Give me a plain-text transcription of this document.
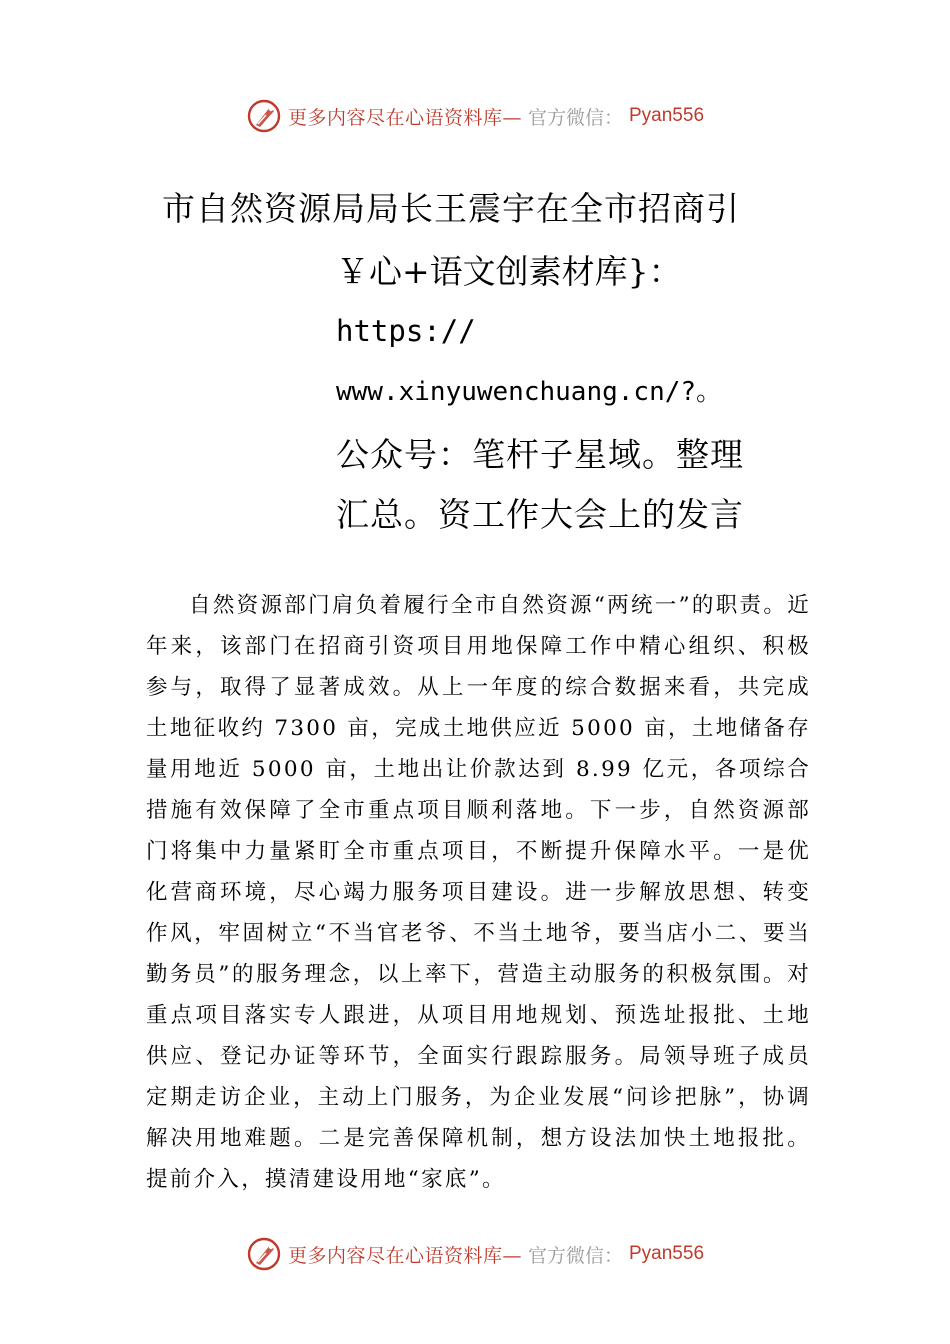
更多内容尽在心语资料库— 官方微信： Pyan556
市自然资源局局长王震宇在全市招商引
￥心+语文创素材库}：
https://
www.xinyuwenchuang.cn/?。
公众号：笔杆子星域。整理
汇总。资工作大会上的发言

自然资源部门肩负着履行全市自然资源“两统一”的职责。近年来，该部门在招商引资项目用地保障工作中精心组织、积极参与，取得了显著成效。从上一年度的综合数据来看，共完成土地征收约 7300 亩，完成土地供应近 5000 亩，土地储备存量用地近 5000 亩，土地出让价款达到 8.99 亿元，各项综合措施有效保障了全市重点项目顺利落地。下一步，自然资源部门将集中力量紧盯全市重点项目，不断提升保障水平。一是优化营商环境，尽心竭力服务项目建设。进一步解放思想、转变作风，牢固树立“不当官老爷、不当土地爷，要当店小二、要当勤务员”的服务理念，以上率下，营造主动服务的积极氛围。对重点项目落实专人跟进，从项目用地规划、预选址报批、土地供应、登记办证等环节，全面实行跟踪服务。局领导班子成员定期走访企业，主动上门服务，为企业发展“问诊把脉”，协调解决用地难题。二是完善保障机制，想方设法加快土地报批。提前介入，摸清建设用地“家底”。

更多内容尽在心语资料库— 官方微信： Pyan556
